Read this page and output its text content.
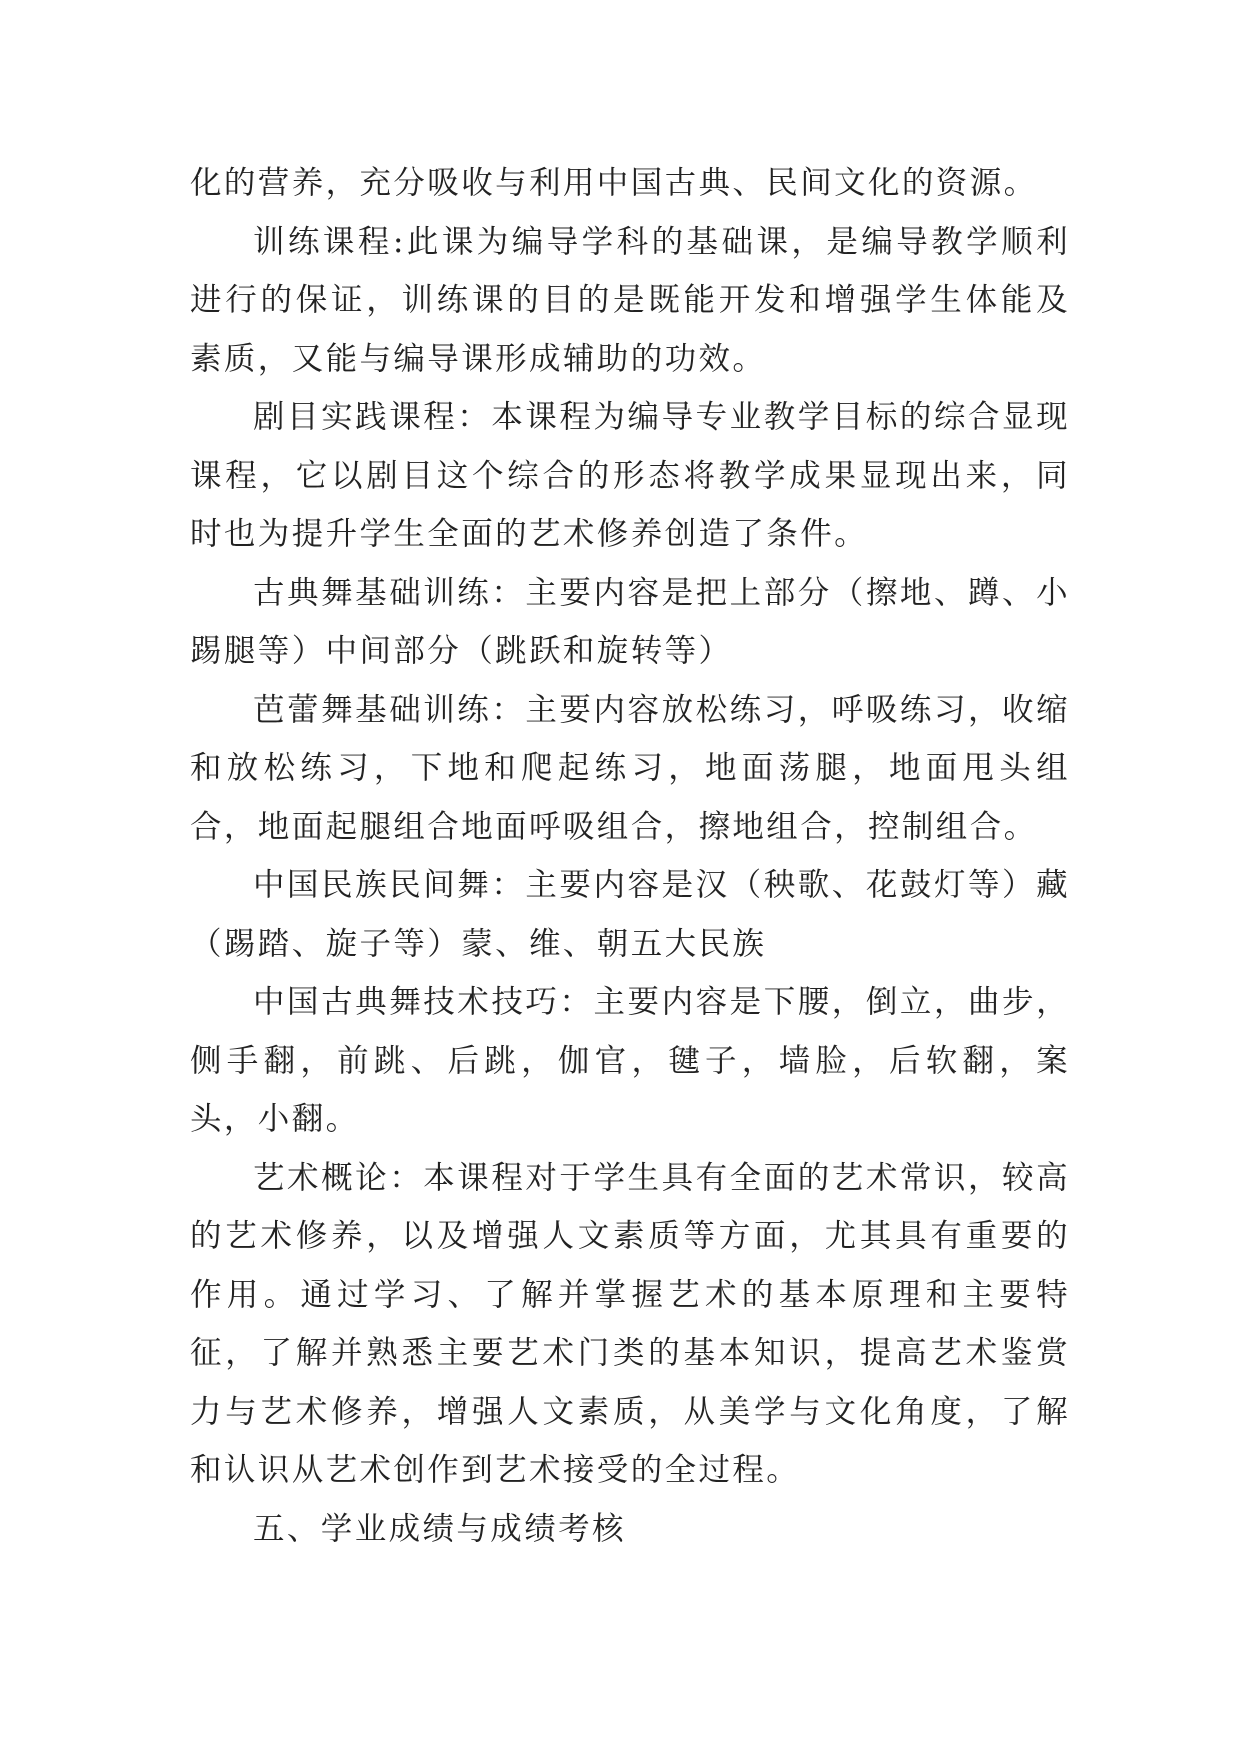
化的营养，充分吸收与利用中国古典、民间文化的资源。

训练课程:此课为编导学科的基础课，是编导教学顺利进行的保证，训练课的目的是既能开发和增强学生体能及素质，又能与编导课形成辅助的功效。

剧目实践课程：本课程为编导专业教学目标的综合显现课程，它以剧目这个综合的形态将教学成果显现出来，同时也为提升学生全面的艺术修养创造了条件。

古典舞基础训练：主要内容是把上部分（擦地、蹲、小踢腿等）中间部分（跳跃和旋转等）

芭蕾舞基础训练：主要内容放松练习，呼吸练习，收缩和放松练习，下地和爬起练习，地面荡腿，地面甩头组合，地面起腿组合地面呼吸组合，擦地组合，控制组合。

中国民族民间舞：主要内容是汉（秧歌、花鼓灯等）藏（踢踏、旋子等）蒙、维、朝五大民族

中国古典舞技术技巧：主要内容是下腰，倒立，曲步，侧手翻，前跳、后跳，伽官，毽子，墙脸，后软翻，案头，小翻。

艺术概论：本课程对于学生具有全面的艺术常识，较高的艺术修养，以及增强人文素质等方面，尤其具有重要的作用。通过学习、了解并掌握艺术的基本原理和主要特征，了解并熟悉主要艺术门类的基本知识，提高艺术鉴赏力与艺术修养，增强人文素质，从美学与文化角度，了解和认识从艺术创作到艺术接受的全过程。

五、学业成绩与成绩考核
